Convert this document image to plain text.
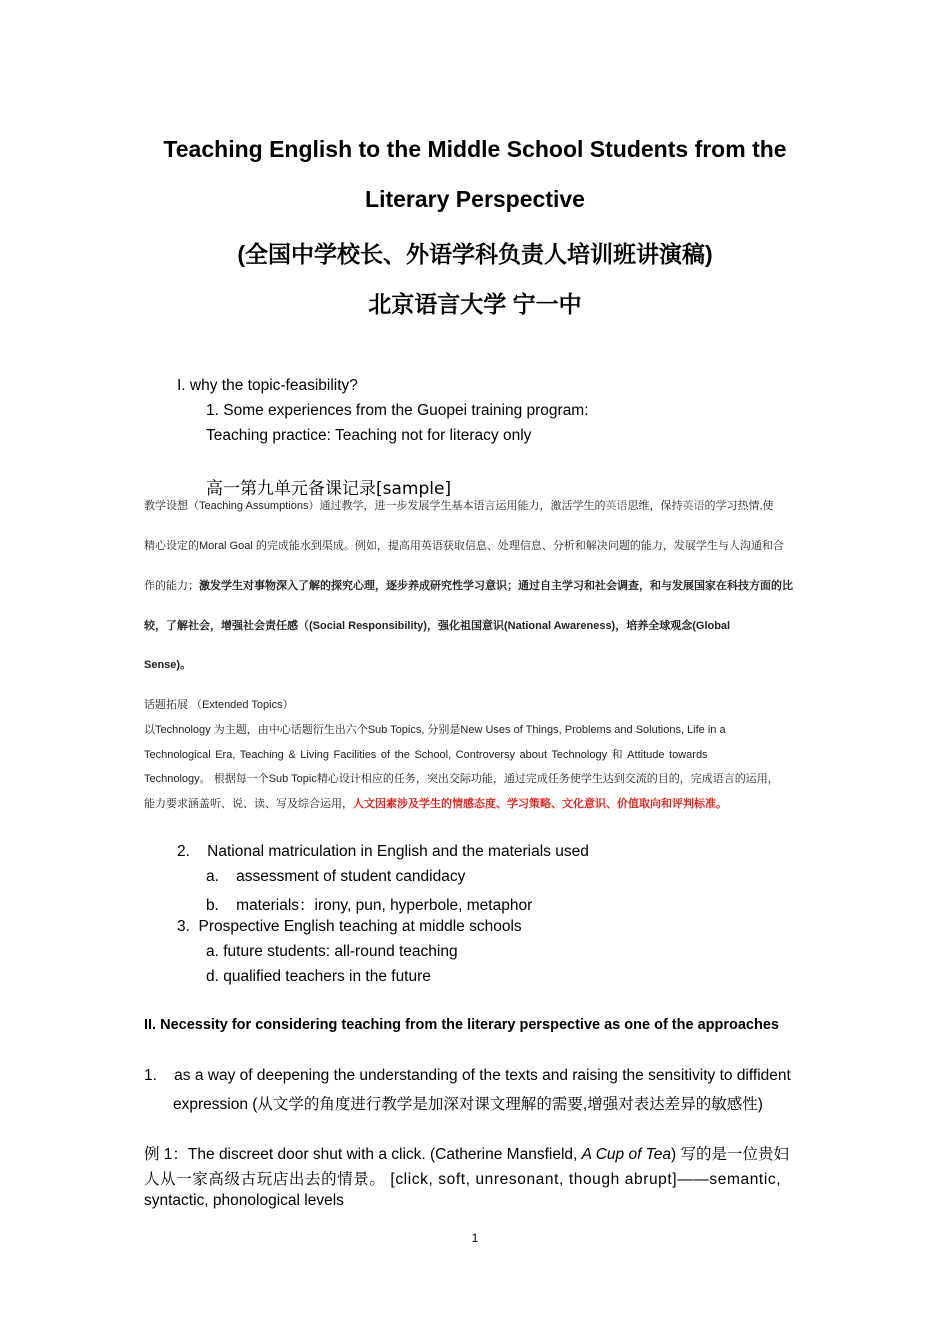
Teaching English to the Middle School Students from the
Literary Perspective
(全国中学校长、外语学科负责人培训班讲演稿)
北京语言大学 宁一中
I. why the topic-feasibility?
1. Some experiences from the Guopei training program:
Teaching practice: Teaching not for literacy only
高一第九单元备课记录[sample]
教学设想（Teaching Assumptions）通过教学，进一步发展学生基本语言运用能力，激活学生的英语思维，保持英语的学习热情,使
精心设定的Moral Goal 的完成能水到渠成。例如，提高用英语获取信息、处理信息、分析和解决问题的能力，发展学生与人沟通和合
作的能力；激发学生对事物深入了解的探究心理，逐步养成研究性学习意识；通过自主学习和社会调查，和与发展国家在科技方面的比
较，了解社会，增强社会责任感（(Social Responsibility)，强化祖国意识(National Awareness)，培养全球观念(Global
Sense)。
话题拓展 （Extended Topics）
以Technology 为主题，由中心话题衍生出六个Sub Topics, 分别是New Uses of Things, Problems and Solutions, Life in a
Technological Era, Teaching & Living Facilities of the School, Controversy about Technology 和 Attitude towards
Technology。 根据每一个Sub Topic精心设计相应的任务，突出交际功能，通过完成任务使学生达到交流的目的，完成语言的运用，
能力要求涵盖听、说、读、写及综合运用，人文因素涉及学生的情感态度、学习策略、文化意识、价值取向和评判标准。
2.    National matriculation in English and the materials used
a.    assessment of student candidacy
b.    materials：irony, pun, hyperbole, metaphor
3.  Prospective English teaching at middle schools
a. future students: all-round teaching
d. qualified teachers in the future
II. Necessity for considering teaching from the literary perspective as one of the approaches
1.    as a way of deepening the understanding of the texts and raising the sensitivity to diffident
expression (从文学的角度进行教学是加深对课文理解的需要,增强对表达差异的敏感性)
例 1：The discreet door shut with a click. (Catherine Mansfield, A Cup of Tea) 写的是一位贵妇
人从一家高级古玩店出去的情景。 [click, soft, unresonant, though abrupt]——semantic,
syntactic, phonological levels
1
